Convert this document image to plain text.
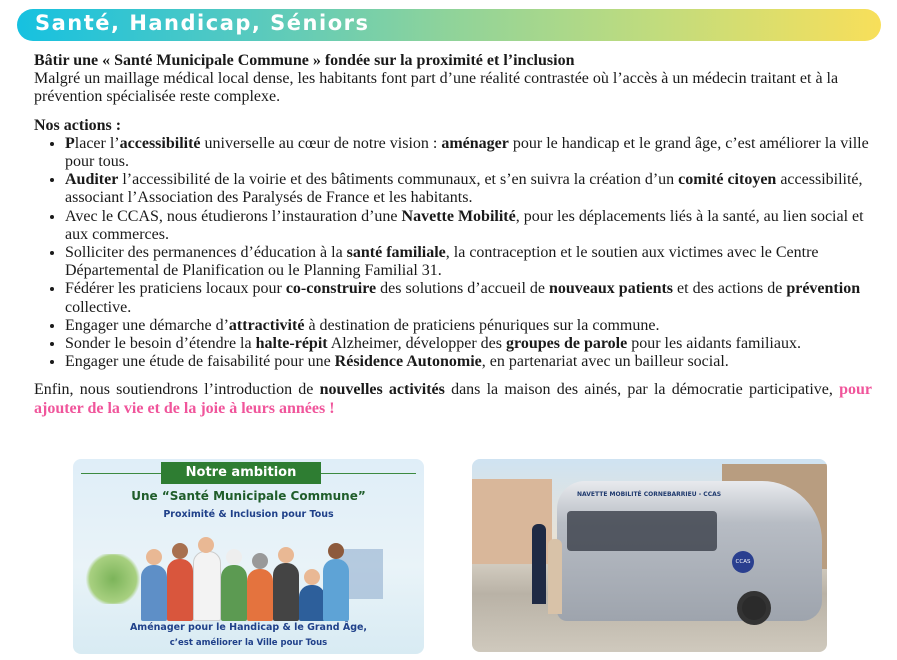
Santé, Handicap, Séniors

Bâtir une « Santé Municipale Commune » fondée sur la proximité et l’inclusion

Malgré un maillage médical local dense, les habitants font part d’une réalité contrastée où l’accès à un médecin traitant et à la prévention spécialisée reste complexe.

Nos actions :

• Placer l’accessibilité universelle au cœur de notre vision : aménager pour le handicap et le grand âge, c’est améliorer la ville pour tous.
• Auditer l’accessibilité de la voirie et des bâtiments communaux, et s’en suivra la création d’un comité citoyen accessibilité, associant l’Association des Paralysés de France et les habitants.
• Avec le CCAS, nous étudierons l’instauration d’une Navette Mobilité, pour les déplacements liés à la santé, au lien social et aux commerces.
• Solliciter des permanences d’éducation à la santé familiale, la contraception et le soutien aux victimes avec le Centre Départemental de Planification ou le Planning Familial 31.
• Fédérer les praticiens locaux pour co-construire des solutions d’accueil de nouveaux patients et des actions de prévention collective.
• Engager une démarche d’attractivité à destination de praticiens pénuriques sur la commune.
• Sonder le besoin d’étendre la halte-répit Alzheimer, développer des groupes de parole pour les aidants familiaux.
• Engager une étude de faisabilité pour une Résidence Autonomie, en partenariat avec un bailleur social.

Enfin, nous soutiendrons l’introduction de nouvelles activités dans la maison des ainés, par la démocratie participative, pour ajouter de la vie et de la joie à leurs années !

Notre ambition
Une “Santé Municipale Commune”
Proximité & Inclusion pour Tous
Aménager pour le Handicap & le Grand Âge,
c’est améliorer la Ville pour Tous
NAVETTE MOBILITÉ CORNEBARRIEU - CCAS
CCAS
